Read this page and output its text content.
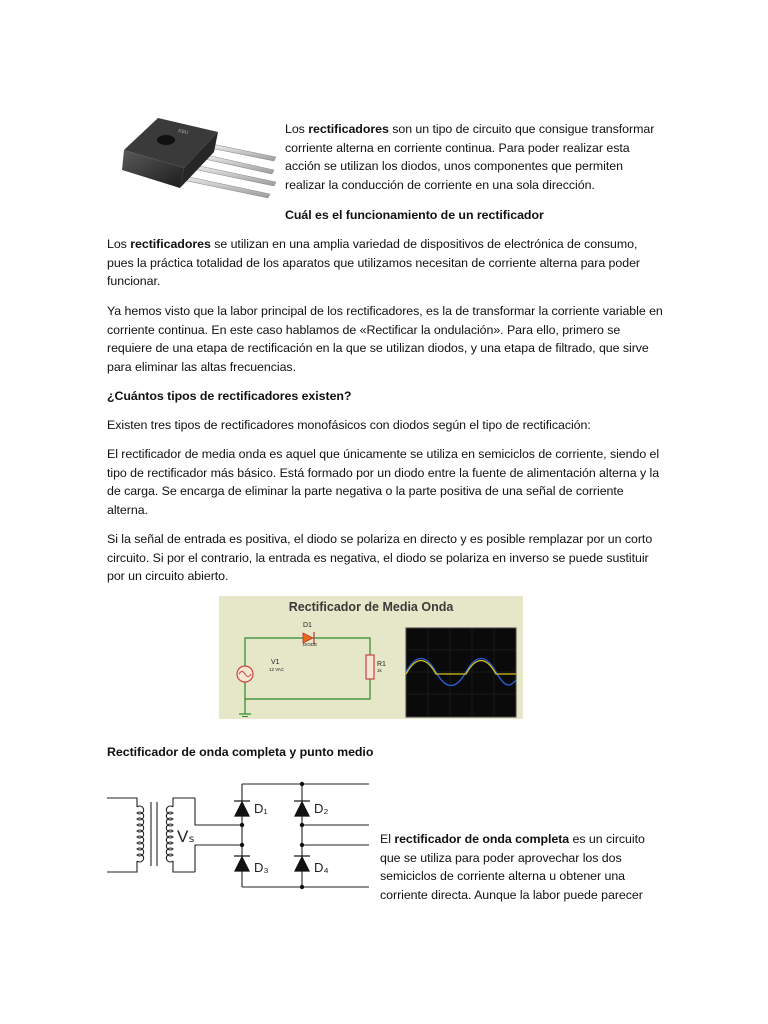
KBU	Los rectificadores son un tipo de circuito que consigue transformar corriente alterna en corriente continua. Para poder realizar esta acción se utilizan los diodos, unos componentes que permiten realizar la conducción de corriente en una sola dirección.

Cuál es el funcionamiento de un rectificador

Los rectificadores se utilizan en una amplia variedad de dispositivos de electrónica de consumo, pues la práctica totalidad de los aparatos que utilizamos necesitan de corriente alterna para poder funcionar.

Ya hemos visto que la labor principal de los rectificadores, es la de transformar la corriente variable en corriente continua. En este caso hablamos de «Rectificar la ondulación». Para ello, primero se requiere de una etapa de rectificación en la que se utilizan diodos, y una etapa de filtrado, que sirve para eliminar las altas frecuencias.

¿Cuántos tipos de rectificadores existen?

Existen tres tipos de rectificadores monofásicos con diodos según el tipo de rectificación:

El rectificador de media onda es aquel que únicamente se utiliza en semiciclos de corriente, siendo el tipo de rectificador más básico. Está formado por un diodo entre la fuente de alimentación alterna y la de carga. Se encarga de eliminar la parte negativa o la parte positiva de una señal de corriente alterna.

Si la señal de entrada es positiva, el diodo se polariza en directo y es posible remplazar por un corto circuito. Si por el contrario, la entrada es negativa, el diodo se polariza en inverso se puede sustituir por un circuito abierto.

Rectificador de Media Onda
D1
DIODE
V1
12 VAC
R1
1k

Rectificador de onda completa y punto medio

D₁	D₂
D₃	D₄
Vₛ	El rectificador de onda completa es un circuito que se utiliza para poder aprovechar los dos semiciclos de corriente alterna u obtener una corriente directa. Aunque la labor puede parecer
